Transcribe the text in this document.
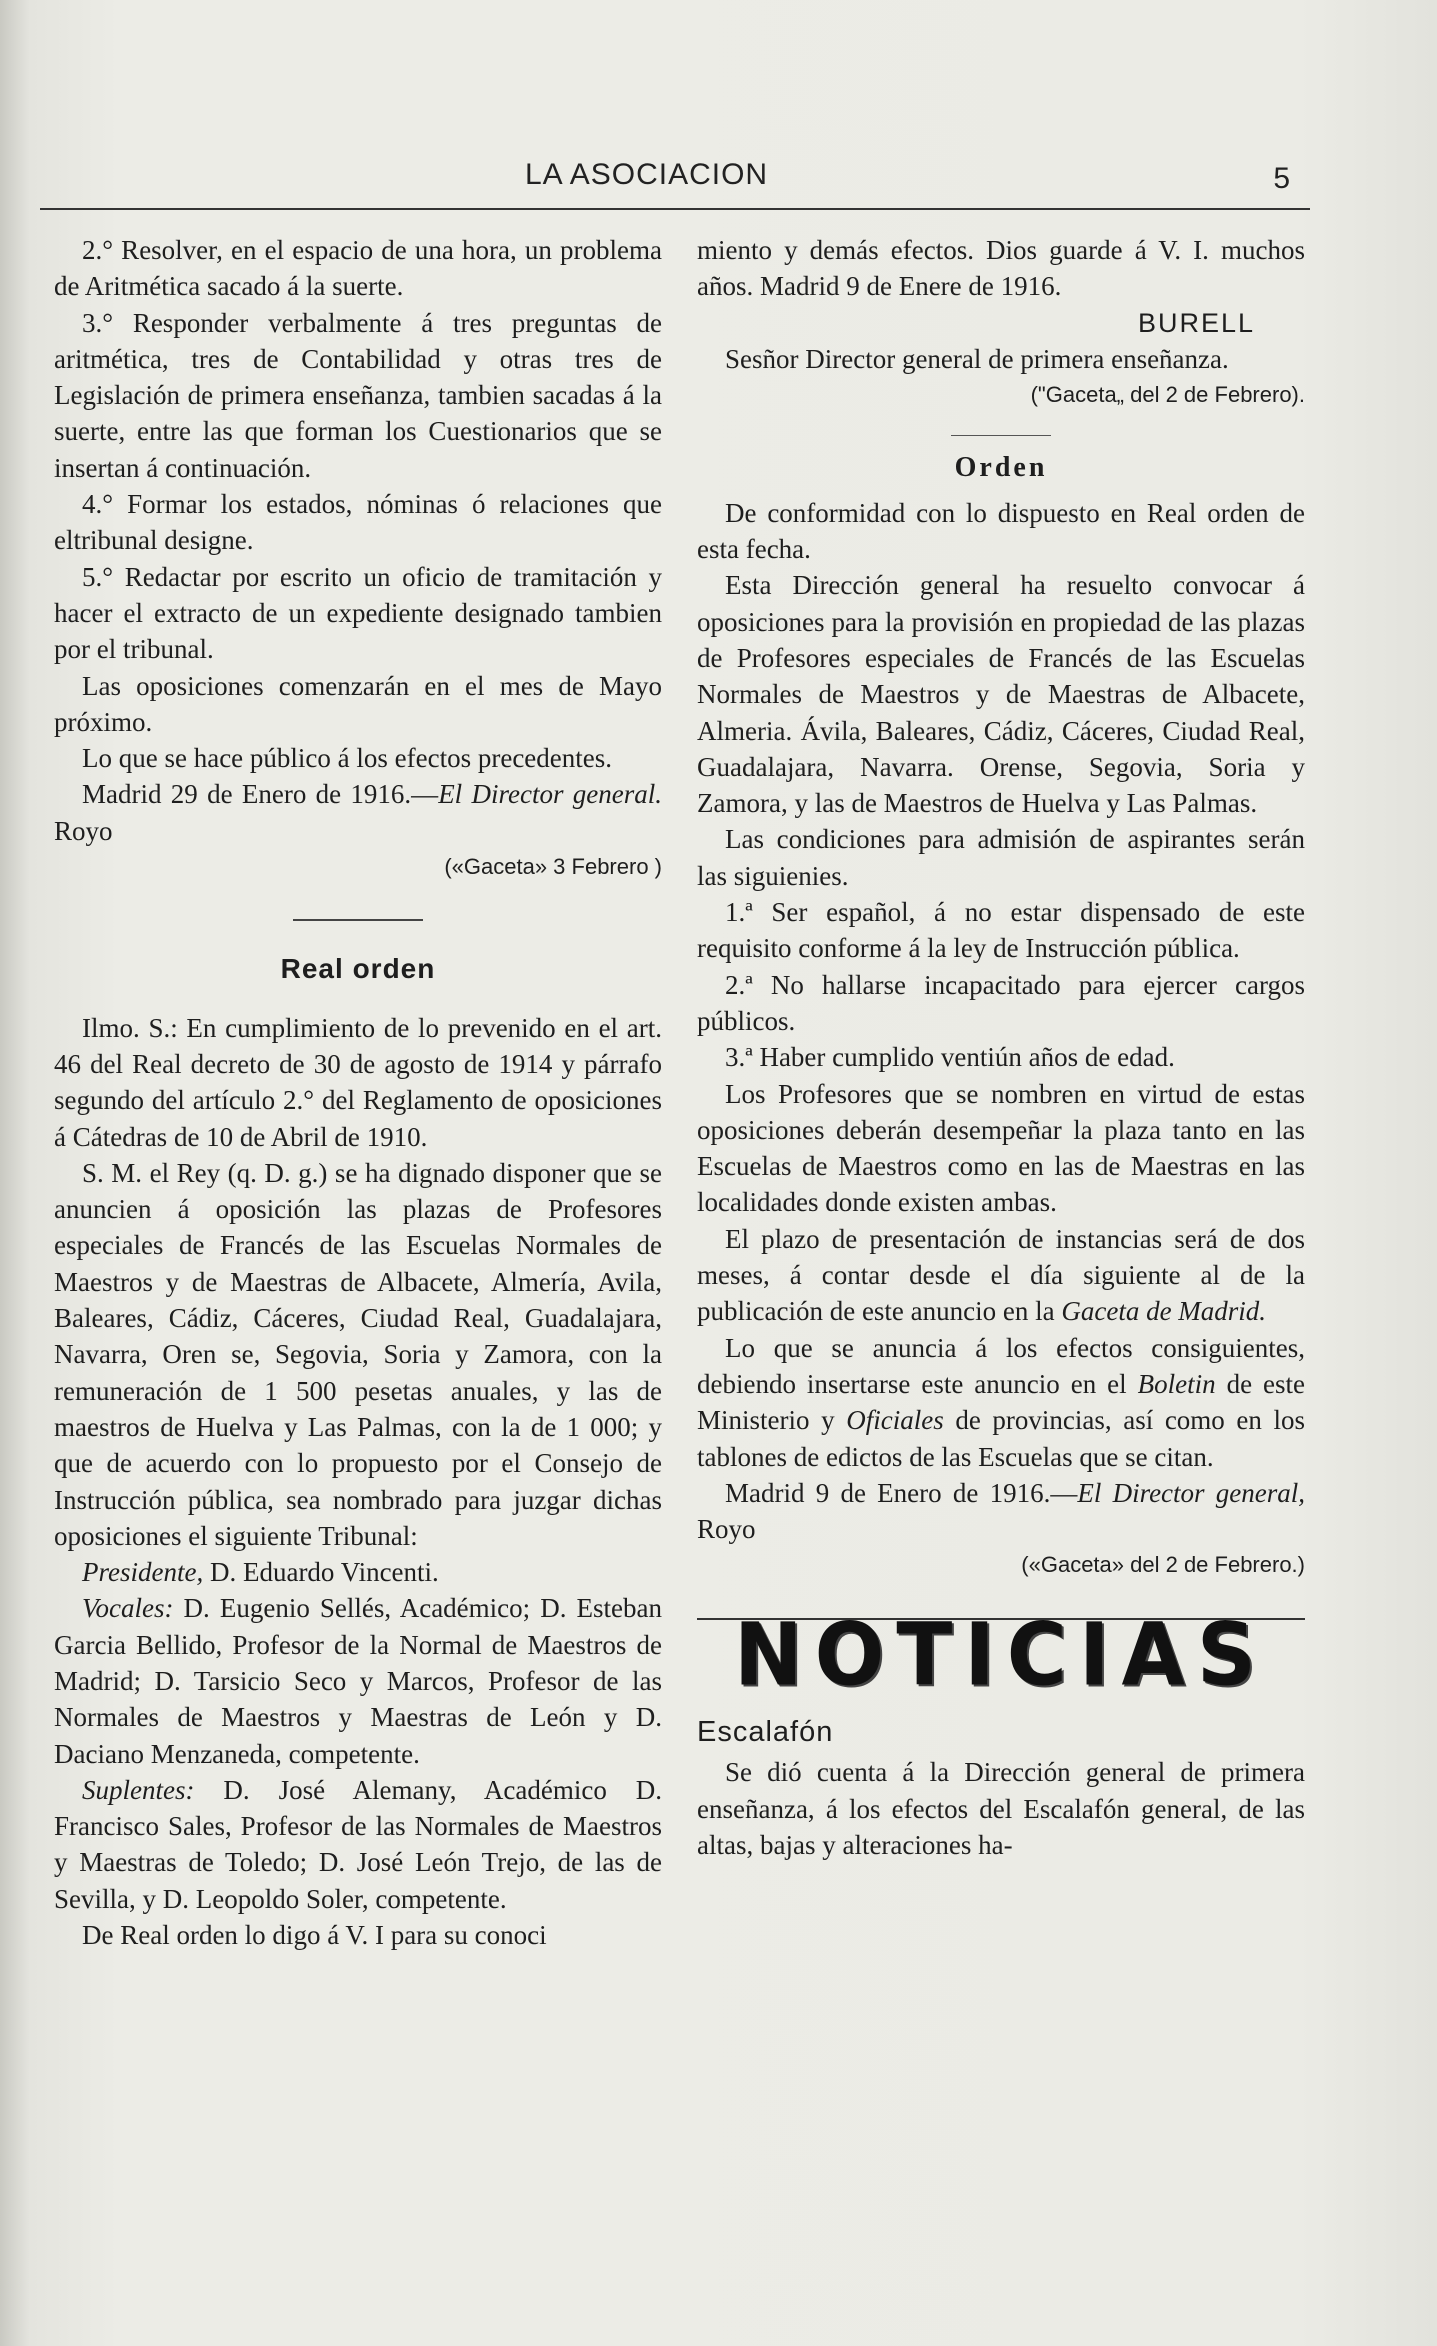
LA ASOCIACION	5

2.° Resolver, en el espacio de una hora, un problema de Aritmética sacado á la suerte.

3.° Responder verbalmente á tres preguntas de aritmética, tres de Contabilidad y otras tres de Legislación de primera enseñanza, tambien sacadas á la suerte, entre las que forman los Cuestionarios que se insertan á continuación.

4.° Formar los estados, nóminas ó relaciones que eltribunal designe.

5.° Redactar por escrito un oficio de tramitación y hacer el extracto de un expediente designado tambien por el tribunal.

Las oposiciones comenzarán en el mes de Mayo próximo.

Lo que se hace público á los efectos precedentes.

Madrid 29 de Enero de 1916.—El Director general. Royo

(«Gaceta» 3 Febrero )

Real orden

Ilmo. S.: En cumplimiento de lo prevenido en el art. 46 del Real decreto de 30 de agosto de 1914 y párrafo segundo del artículo 2.° del Reglamento de oposiciones á Cátedras de 10 de Abril de 1910.

S. M. el Rey (q. D. g.) se ha dignado disponer que se anuncien á oposición las plazas de Profesores especiales de Francés de las Escuelas Normales de Maestros y de Maestras de Albacete, Almería, Avila, Baleares, Cádiz, Cáceres, Ciudad Real, Guadalajara, Navarra, Oren se, Segovia, Soria y Zamora, con la remuneración de 1 500 pesetas anuales, y las de maestros de Huelva y Las Palmas, con la de 1 000; y que de acuerdo con lo propuesto por el Consejo de Instrucción pública, sea nombrado para juzgar dichas oposiciones el siguiente Tribunal:

Presidente, D. Eduardo Vincenti.

Vocales: D. Eugenio Sellés, Académico; D. Esteban Garcia Bellido, Profesor de la Normal de Maestros de Madrid; D. Tarsicio Seco y Marcos, Profesor de las Normales de Maestros y Maestras de León y D. Daciano Menzaneda, competente.

Suplentes: D. José Alemany, Académico D. Francisco Sales, Profesor de las Normales de Maestros y Maestras de Toledo; D. José León Trejo, de las de Sevilla, y D. Leopoldo Soler, competente.

De Real orden lo digo á V. I para su conoci

miento y demás efectos. Dios guarde á V. I. muchos años. Madrid 9 de Enere de 1916.

BURELL

Sesñor Director general de primera enseñanza.

("Gaceta„ del 2 de Febrero).

Orden

De conformidad con lo dispuesto en Real orden de esta fecha.

Esta Dirección general ha resuelto convocar á oposiciones para la provisión en propiedad de las plazas de Profesores especiales de Francés de las Escuelas Normales de Maestros y de Maestras de Albacete, Almeria. Ávila, Baleares, Cádiz, Cáceres, Ciudad Real, Guadalajara, Navarra. Orense, Segovia, Soria y Zamora, y las de Maestros de Huelva y Las Palmas.

Las condiciones para admisión de aspirantes serán las siguienies.

1.ª Ser español, á no estar dispensado de este requisito conforme á la ley de Instrucción pública.

2.ª No hallarse incapacitado para ejercer cargos públicos.

3.ª Haber cumplido ventiún años de edad.

Los Profesores que se nombren en virtud de estas oposiciones deberán desempeñar la plaza tanto en las Escuelas de Maestros como en las de Maestras en las localidades donde existen ambas.

El plazo de presentación de instancias será de dos meses, á contar desde el día siguiente al de la publicación de este anuncio en la Gaceta de Madrid.

Lo que se anuncia á los efectos consiguientes, debiendo insertarse este anuncio en el Boletin de este Ministerio y Oficiales de provincias, así como en los tablones de edictos de las Escuelas que se citan.

Madrid 9 de Enero de 1916.—El Director general, Royo

(«Gaceta» del 2 de Febrero.)

NOTICIAS
Escalafón

Se dió cuenta á la Dirección general de primera enseñanza, á los efectos del Escalafón general, de las altas, bajas y alteraciones ha-
